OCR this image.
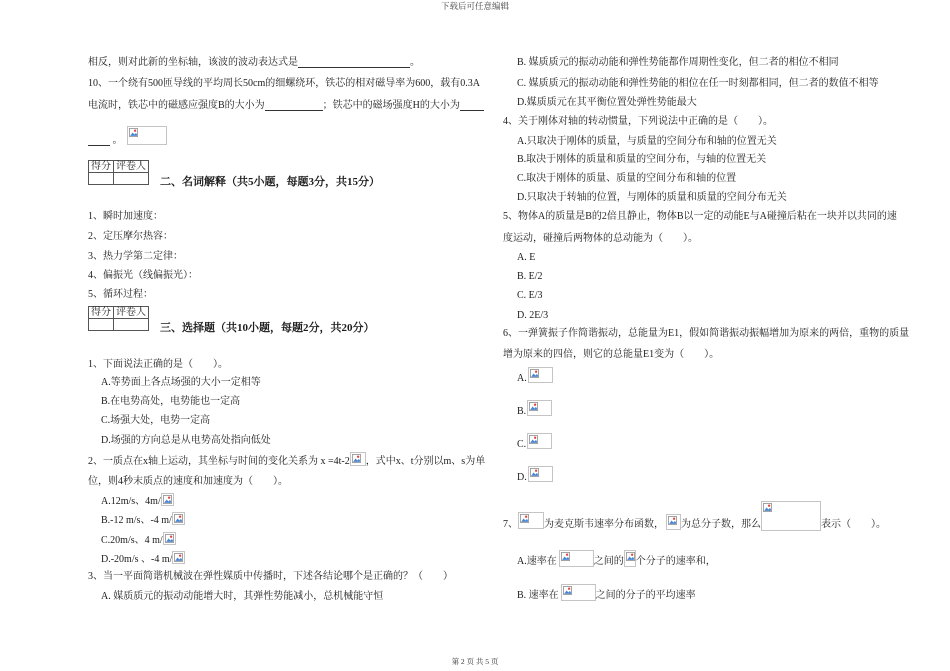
下载后可任意编辑
相反，则对此新的坐标轴，该波的波动表达式是	。
10、一个绕有500匝导线的平均周长50cm的细螺绕环，铁芯的相对磁导率为600，载有0.3A
电流时，铁芯中的磁感应强度B的大小为	；铁芯中的磁场强度H的大小为
。
得分	评卷人

二、名词解释（共5小题，每题3分，共15分）
1、瞬时加速度：
2、定压摩尔热容：
3、热力学第二定律：
4、偏振光（线偏振光）：
5、循环过程：
得分	评卷人

三、选择题（共10小题，每题2分，共20分）
1、下面说法正确的是（　　）。
A.等势面上各点场强的大小一定相等
B.在电势高处，电势能也一定高
C.场强大处，电势一定高
D.场强的方向总是从电势高处指向低处
2、一质点在x轴上运动，其坐标与时间的变化关系为 x =4t-2 ，式中x、t分别以m、s为单
位，则4秒末质点的速度和加速度为（　　）。
A.12m/s、4m/
B.-12 m/s、-4 m/
C.20m/s、4 m/
D.-20m/s 、-4 m/
3、当一平面简谐机械波在弹性媒质中传播时，下述各结论哪个是正确的？（　　）
A. 媒质质元的振动动能增大时，其弹性势能减小，总机械能守恒
B. 媒质质元的振动动能和弹性势能都作周期性变化，但二者的相位不相同
C. 媒质质元的振动动能和弹性势能的相位在任一时刻都相同，但二者的数值不相等
D.媒质质元在其平衡位置处弹性势能最大
4、关于刚体对轴的转动惯量，下列说法中正确的是（　　）。
A.只取决于刚体的质量，与质量的空间分布和轴的位置无关
B.取决于刚体的质量和质量的空间分布，与轴的位置无关
C.取决于刚体的质量、质量的空间分布和轴的位置
D.只取决于转轴的位置，与刚体的质量和质量的空间分布无关
5、物体A的质量是B的2倍且静止，物体B以一定的动能E与A碰撞后粘在一块并以共同的速
度运动，碰撞后两物体的总动能为（　　）。
A. E
B. E/2
C. E/3
D. 2E/3
6、一弹簧振子作简谐振动，总能量为E1，假如简谐振动振幅增加为原来的两倍，重物的质量
增为原来的四倍，则它的总能量E1变为（　　）。
A.
B.
C.
D.
7、	为麦克斯韦速率分布函数， 为总分子数，那么	表示（　　）。
A.速率在	之间的 个分子的速率和，
B. 速率在	之间的分子的平均速率
第 2 页 共 5 页
